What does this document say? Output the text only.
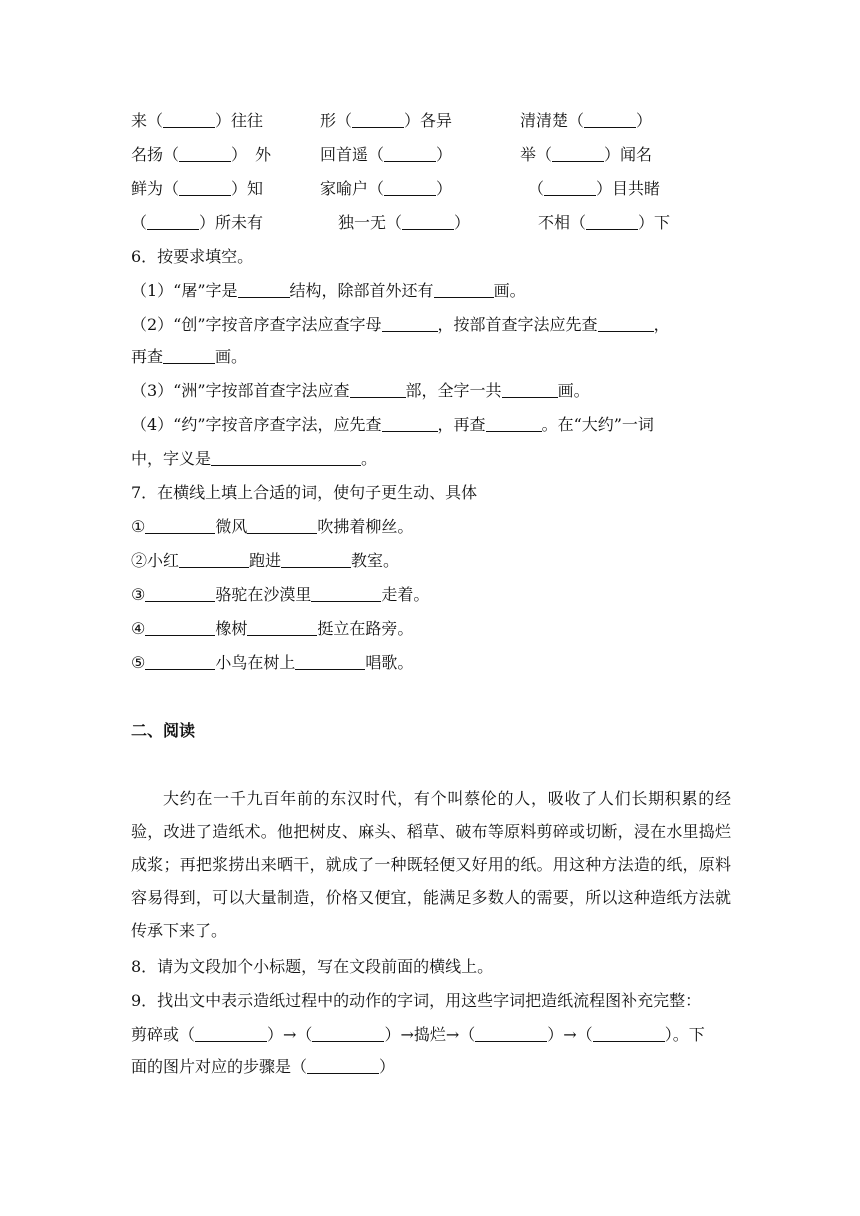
来（	）往往	形（	）各异	清清楚（	）
名扬（	）　外	回首遥（	）	举（	）闻名
鲜为（	）知	家喻户（	）	（	）目共睹
（	）所未有	独一无（	）	不相（	）下
6．按要求填空。
（1）“屠”字是	结构，除部首外还有	画。
（2）“创”字按音序查字法应查字母	，按部首查字法应先查	，
再查	画。
（3）“洲”字按部首查字法应查	部，全字一共	画。
（4）“约”字按音序查字法，应先查	，再查	。在“大约”一词
中，字义是	。
7．在横线上填上合适的词，使句子更生动、具体
①	微风	吹拂着柳丝。
②小红	跑进	教室。
③	骆驼在沙漠里	走着。
④	橡树	挺立在路旁。
⑤	小鸟在树上	唱歌。
二、阅读
大约在一千九百年前的东汉时代，有个叫蔡伦的人，吸收了人们长期积累的经验，改进了造纸术。他把树皮、麻头、稻草、破布等原料剪碎或切断，浸在水里捣烂成浆；再把浆捞出来晒干，就成了一种既轻便又好用的纸。用这种方法造的纸，原料容易得到，可以大量制造，价格又便宜，能满足多数人的需要，所以这种造纸方法就传承下来了。
8．请为文段加个小标题，写在文段前面的横线上。
9．找出文中表示造纸过程中的动作的字词，用这些字词把造纸流程图补充完整：
剪碎或（	）→（	）→捣烂→（	）→（	）。下
面的图片对应的步骤是（	）
